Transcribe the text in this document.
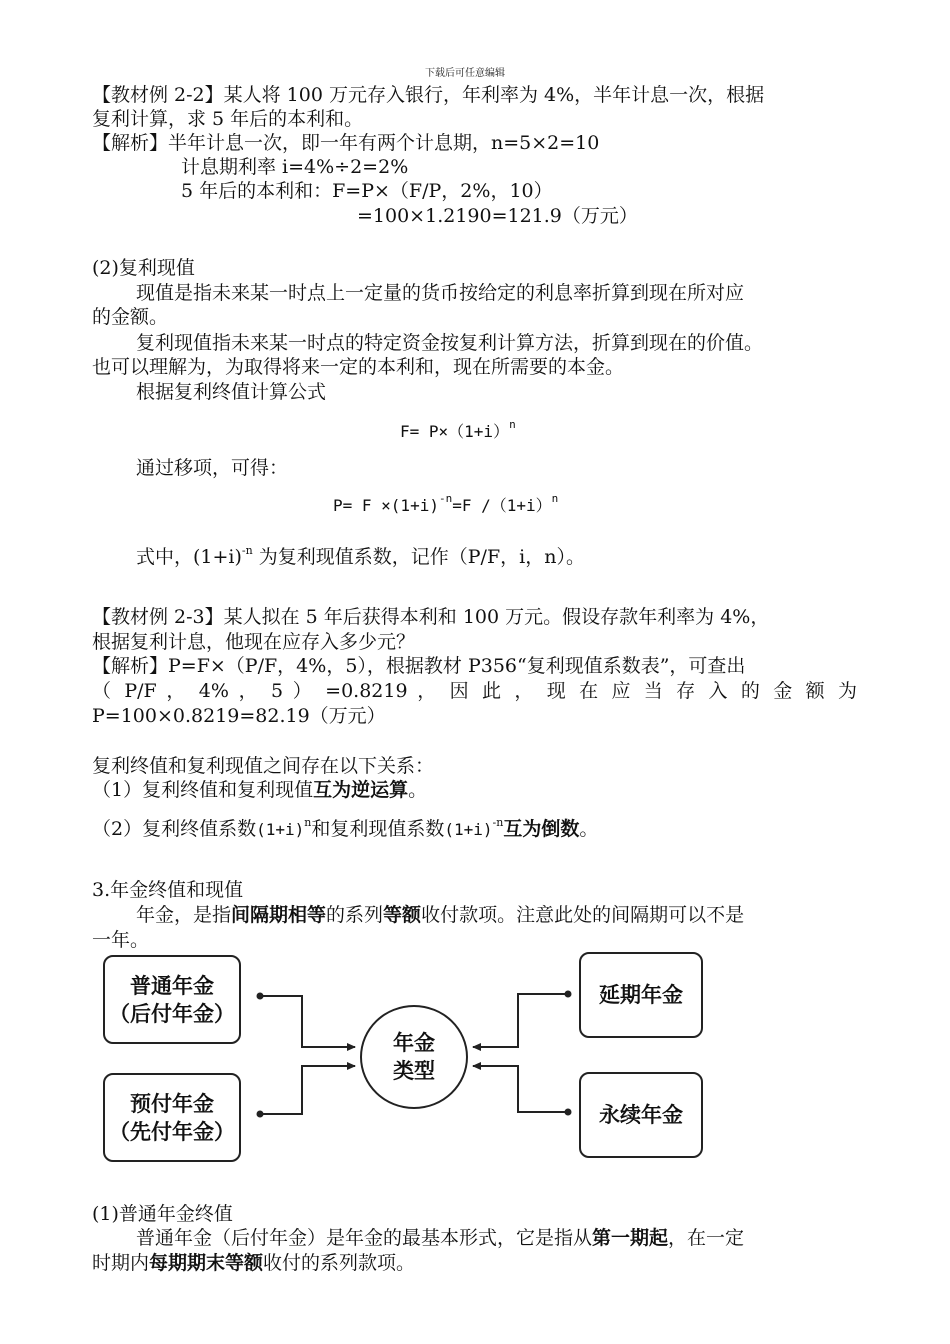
下载后可任意编辑
【教材例 2-2】某人将 100 万元存入银行，年利率为 4%，半年计息一次，根据
复利计算，求 5 年后的本利和。
【解析】半年计息一次，即一年有两个计息期，n=5×2=10
计息期利率 i=4%÷2=2%
5 年后的本利和：F=P×（F/P，2%，10）
=100×1.2190=121.9（万元）
(2)复利现值
现值是指未来某一时点上一定量的货币按给定的利息率折算到现在所对应
的金额。
复利现值指未来某一时点的特定资金按复利计算方法，折算到现在的价值。
也可以理解为，为取得将来一定的本利和，现在所需要的本金。
根据复利终值计算公式
$F= P\times(1+i)^n$
通过移项，可得：
$P= F \times(1+i)^{-n}=F$ $/(1+i)^n$
式中，$(1+i)^{-n}$ 为复利现值系数，记作（P/F，i，n）。
【教材例 2-3】某人拟在 5 年后获得本利和 100 万元。假设存款年利率为 4%，
根据复利计息，他现在应存入多少元？
【解析】P=F×（P/F，4%，5），根据教材 P356“复利现值系数表”，可查出
（ P/F ， 4% ， 5 ） =0.8219 ， 因 此 ， 现 在 应 当 存 入 的 金 额 为
P=100×0.8219=82.19（万元）
复利终值和复利现值之间存在以下关系：
（1）复利终值和复利现值互为逆运算。
（2）复利终值系数$(1+i)^n$和复利现值系数$(1+i)^{-n}$互为倒数。
3.年金终值和现值
年金，是指间隔期相等的系列等额收付款项。注意此处的间隔期可以不是
一年。
普通年金
（后付年金）
预付年金
（先付年金）
年金
类型
延期年金
永续年金
(1)普通年金终值
普通年金（后付年金）是年金的最基本形式，它是指从第一期起，在一定
时期内每期期末等额收付的系列款项。
